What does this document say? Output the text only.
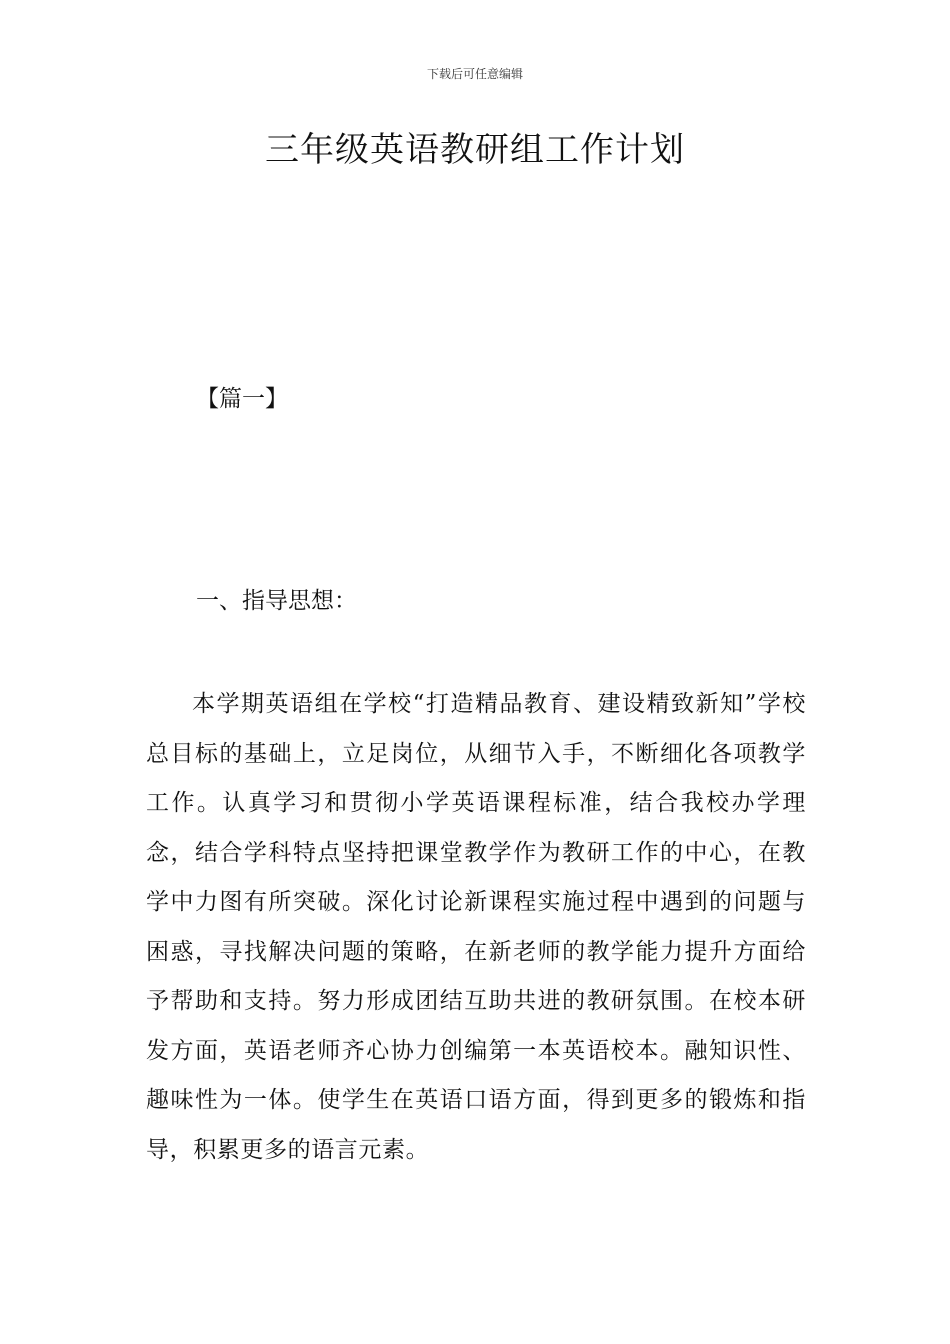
下载后可任意编辑
三年级英语教研组工作计划
【篇一】
一、指导思想：

本学期英语组在学校“打造精品教育、建设精致新知”学校总目标的基础上，立足岗位，从细节入手，不断细化各项教学工作。认真学习和贯彻小学英语课程标准，结合我校办学理念，结合学科特点坚持把课堂教学作为教研工作的中心，在教学中力图有所突破。深化讨论新课程实施过程中遇到的问题与困惑，寻找解决问题的策略，在新老师的教学能力提升方面给予帮助和支持。努力形成团结互助共进的教研氛围。在校本研发方面，英语老师齐心协力创编第一本英语校本。融知识性、趣味性为一体。使学生在英语口语方面，得到更多的锻炼和指导，积累更多的语言元素。
